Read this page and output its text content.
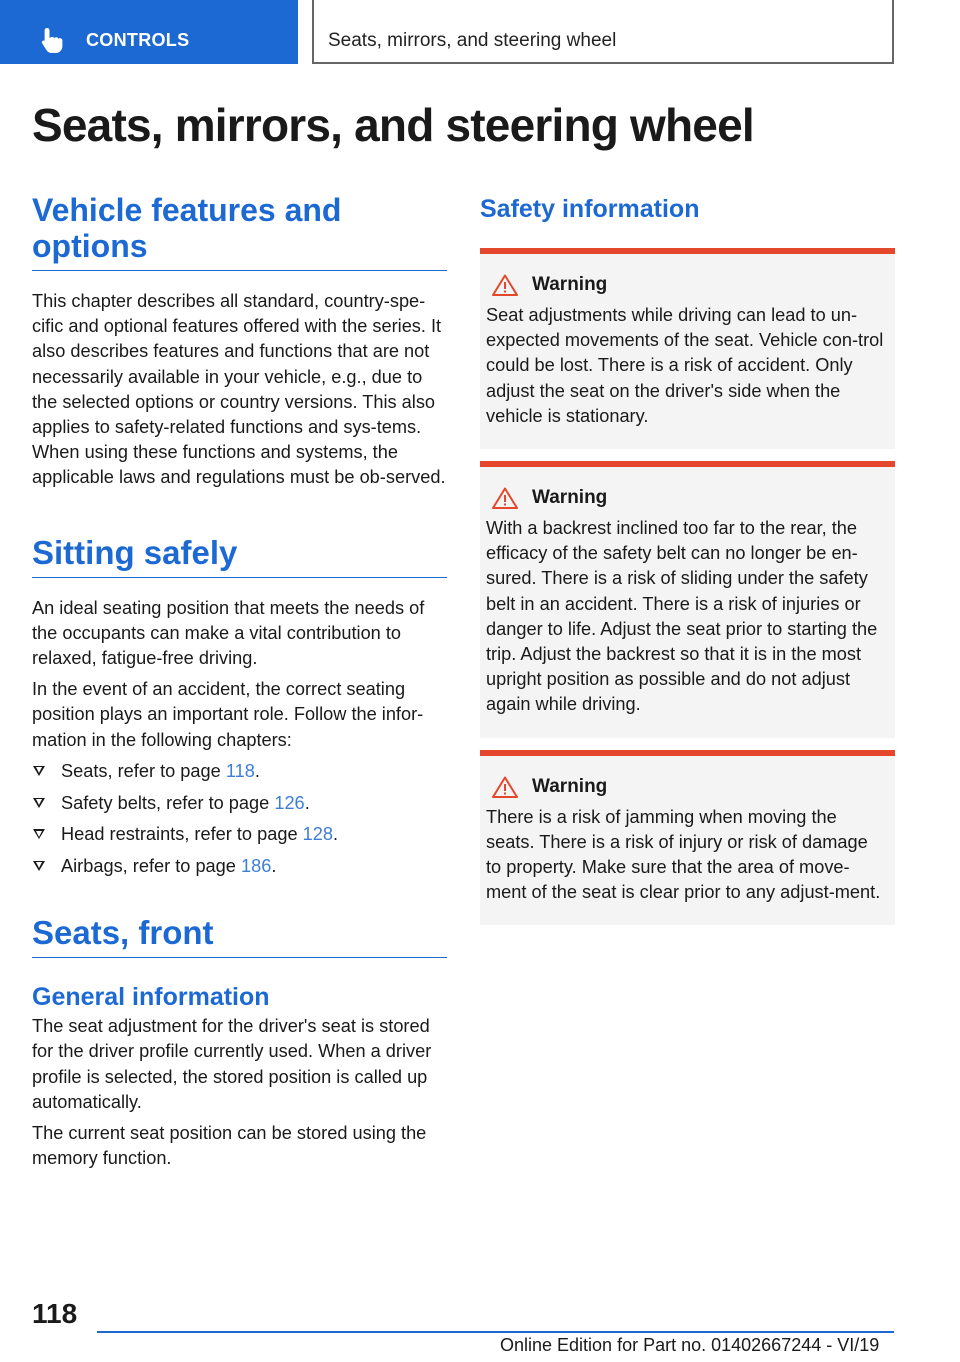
CONTROLS	Seats, mirrors, and steering wheel
Seats, mirrors, and steering wheel
Vehicle features and
options

This chapter describes all standard, country-spe-cific and optional features offered with the series. It also describes features and functions that are not necessarily available in your vehicle, e.g., due to the selected options or country versions. This also applies to safety-related functions and sys-tems. When using these functions and systems, the applicable laws and regulations must be ob-served.

Sitting safely

An ideal seating position that meets the needs of the occupants can make a vital contribution to relaxed, fatigue-free driving.

In the event of an accident, the correct seating position plays an important role. Follow the infor-mation in the following chapters:

Seats, refer to page 118.
Safety belts, refer to page 126.
Head restraints, refer to page 128.
Airbags, refer to page 186.
Seats, front
General information

The seat adjustment for the driver's seat is stored for the driver profile currently used. When a driver profile is selected, the stored position is called up automatically.

The current seat position can be stored using the memory function.

Safety information
Warning

Seat adjustments while driving can lead to un-expected movements of the seat. Vehicle con-trol could be lost. There is a risk of accident. Only adjust the seat on the driver's side when the vehicle is stationary.

Warning

With a backrest inclined too far to the rear, the efficacy of the safety belt can no longer be en-sured. There is a risk of sliding under the safety belt in an accident. There is a risk of injuries or danger to life. Adjust the seat prior to starting the trip. Adjust the backrest so that it is in the most upright position as possible and do not adjust again while driving.

Warning

There is a risk of jamming when moving the seats. There is a risk of injury or risk of damage to property. Make sure that the area of move-ment of the seat is clear prior to any adjust-ment.

118
Online Edition for Part no. 01402667244 - VI/19
